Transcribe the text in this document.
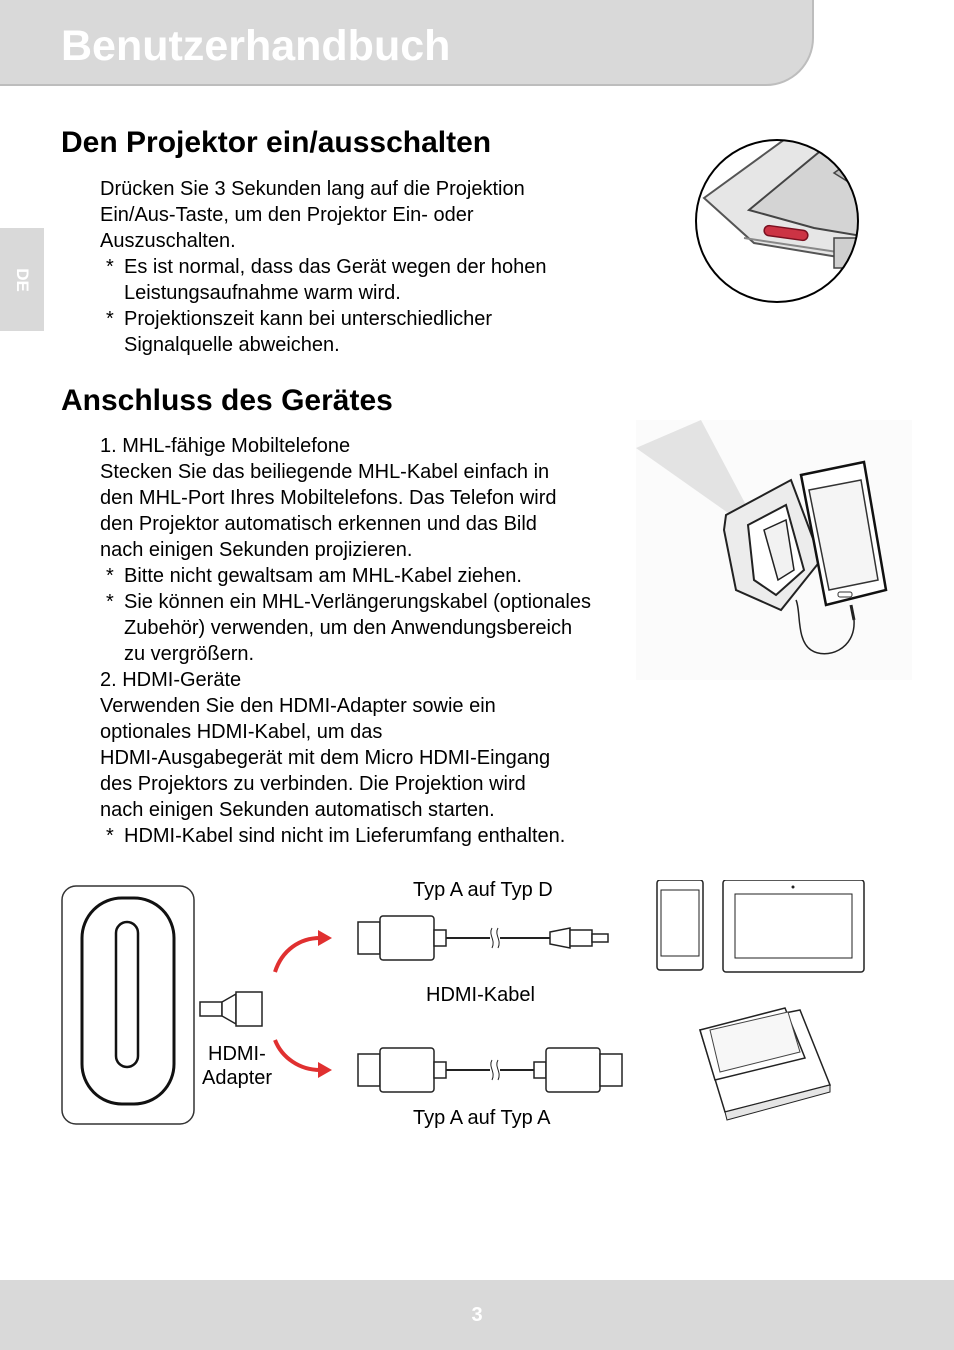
Benutzerhandbuch
DE
Den Projektor ein/ausschalten

Drücken Sie 3 Sekunden lang auf die Projektion

Ein/Aus-Taste, um den Projektor Ein- oder

Auszuschalten.

* Es ist normal, dass das Gerät wegen der hohen

Leistungsaufnahme warm wird.

* Projektionszeit kann bei unterschiedlicher

Signalquelle abweichen.

Anschluss des Gerätes

1. MHL-fähige Mobiltelefone

Stecken Sie das beiliegende MHL-Kabel einfach in

den MHL-Port Ihres Mobiltelefons. Das Telefon wird

den Projektor automatisch erkennen und das Bild

nach einigen Sekunden projizieren.

* Bitte nicht gewaltsam am MHL-Kabel ziehen.

* Sie können ein MHL-Verlängerungskabel (optionales

Zubehör) verwenden, um den Anwendungsbereich

zu vergrößern.

2. HDMI-Geräte

Verwenden Sie den HDMI-Adapter sowie ein

optionales HDMI-Kabel, um das

HDMI-Ausgabegerät mit dem Micro HDMI-Eingang

des Projektors zu verbinden. Die Projektion wird

nach einigen Sekunden automatisch starten.

* HDMI-Kabel sind nicht im Lieferumfang enthalten.

Typ A auf Typ D
HDMI-Kabel
Typ A auf Typ A
HDMI-
Adapter
3
